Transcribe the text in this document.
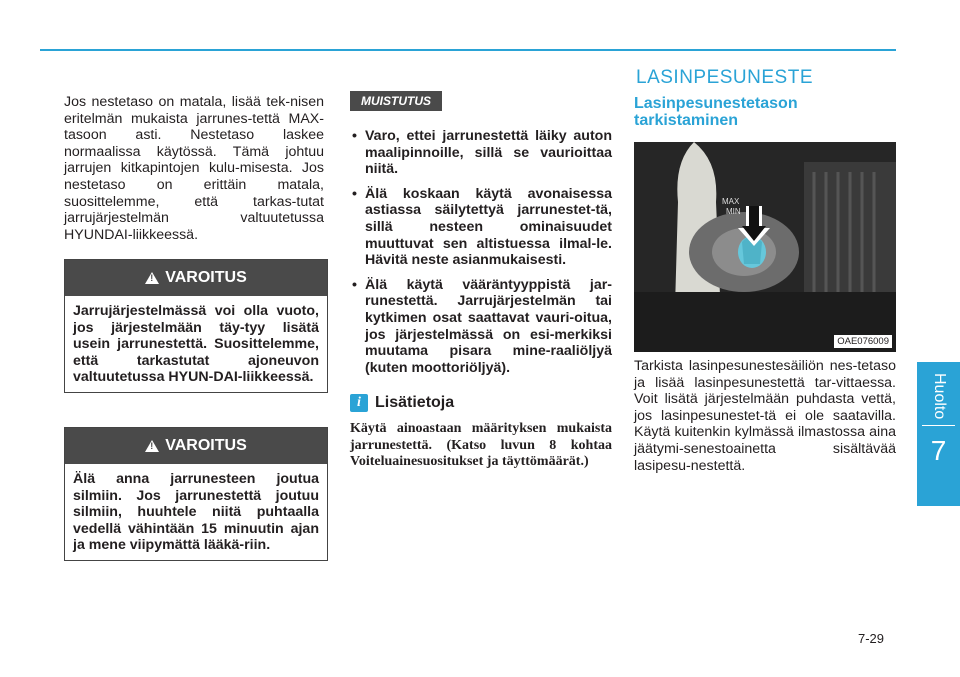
Huolto
7
Jos nestetaso on matala, lisää tek-nisen eritelmän mukaista jarrunes-tettä MAX-tasoon asti. Nestetaso laskee normaalissa käytössä. Tämä johtuu jarrujen kitkapintojen kulu-misesta. Jos nestetaso on erittäin matala, suosittelemme, että tarkas-tutat jarrujärjestelmän valtuutetussa HYUNDAI-liikkeessä.
! VAROITUS
Jarrujärjestelmässä voi olla vuoto, jos järjestelmään täy-tyy lisätä usein jarrunestettä. Suosittelemme, että tarkastutat ajoneuvon valtuutetussa HYUN-DAI-liikkeessä.
! VAROITUS
Älä anna jarrunesteen joutua silmiin. Jos jarrunestettä joutuu silmiin, huuhtele niitä puhtaalla vedellä vähintään 15 minuutin ajan ja mene viipymättä lääkä-riin.
MUISTUTUS
• Varo, ettei jarrunestettä läiky auton maalipinnoille, sillä se vaurioittaa niitä.
• Älä koskaan käytä avonaisessa astiassa säilytettyä jarrunestet-tä, sillä nesteen ominaisuudet muuttuvat sen altistuessa ilmal-le. Hävitä neste asianmukaisesti.
• Älä käytä vääräntyyppistä jar-runestettä. Jarrujärjestelmän tai kytkimen osat saattavat vauri-oitua, jos järjestelmässä on esi-merkiksi muutama pisara mine-raaliöljyä (kuten moottoriöljyä).
i Lisätietoja
Käytä ainoastaan määrityksen mukaista jarrunestettä. (Katso luvun 8 kohtaa Voiteluainesuositukset ja täyttömäärät.)
LASINPESUNESTE
Lasinpesunestetason tarkistaminen
MAX
MIN
OAE076009
Tarkista lasinpesunestesäiliön nes-tetaso ja lisää lasinpesunestettä tar-vittaessa. Voit lisätä järjestelmään puhdasta vettä, jos lasinpesunestet-tä ei ole saatavilla. Käytä kuitenkin kylmässä ilmastossa aina jäätymi-senestoainetta sisältävää lasipesu-nestettä.
7-29
